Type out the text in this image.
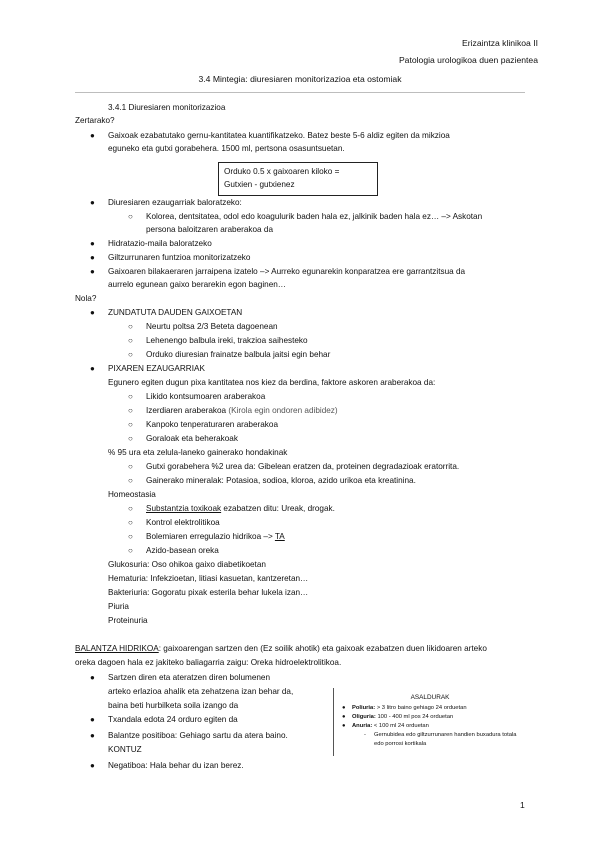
Erizaintza klinikoa II
Patologia urologikoa duen pazientea
3.4 Mintegia: diuresiaren monitorizazioa eta ostomiak
3.4.1 Diuresiaren monitorizazioa
Zertarako?
● Gaixoak ezabatutako gernu-kantitatea kuantifikatzeko. Batez beste 5-6 aldiz egiten da mikzioa
eguneko eta gutxi gorabehera. 1500 ml, pertsona osasuntsuetan.
Orduko 0.5 x gaixoaren kiloko =
Gutxien - gutxienez
● Diuresiaren ezaugarriak baloratzeko:
○ Kolorea, dentsitatea, odol edo koagulurik baden hala ez, jalkinik baden hala ez… –> Askotan
persona baloitzaren araberakoa da
● Hidratazio-maila baloratzeko
● Giltzurrunaren funtzioa monitorizatzeko
● Gaixoaren bilakaeraren jarraipena izatelo –> Aurreko egunarekin konparatzea ere garrantzitsua da
aurrelo egunean gaixo berarekin egon baginen…
Nola?
● ZUNDATUTA DAUDEN GAIXOETAN
○ Neurtu poltsa 2/3 Beteta dagoenean
○ Lehenengo balbula ireki, trakzioa saihesteko
○ Orduko diuresian frainatze balbula jaitsi egin behar
● PIXAREN EZAUGARRIAK
Egunero egiten dugun pixa kantitatea nos kiez da berdina, faktore askoren araberakoa da:
○ Likido kontsumoaren araberakoa
○ Izerdiaren araberakoa (Kirola egin ondoren adibidez)
○ Kanpoko tenperaturaren araberakoa
○ Goraloak eta beherakoak
% 95 ura eta zelula-laneko gainerako hondakinak
○ Gutxi gorabehera %2 urea da: Gibelean eratzen da, proteinen degradazioak eratorrita.
○ Gainerako mineralak: Potasioa, sodioa, kloroa, azido urikoa eta kreatinina.
Homeostasia
○ Substantzia toxikoak ezabatzen ditu: Ureak, drogak.
○ Kontrol elektrolitikoa
○ Bolemiaren erregulazio hidrikoa –> TA
○ Azido-basean oreka
Glukosuria: Oso ohikoa gaixo diabetikoetan
Hematuria: Infekzioetan, litiasi kasuetan, kantzeretan…
Bakteriuria: Gogoratu pixak esterila behar lukela izan…
Piuria
Proteinuria
BALANTZA HIDRIKOA: gaixoarengan sartzen den (Ez soilik ahotik) eta gaixoak ezabatzen duen likidoaren arteko
oreka dagoen hala ez jakiteko baliagarria zaigu: Oreka hidroelektrolitikoa.
● Sartzen diren eta ateratzen diren bolumenen
arteko erlazioa ahalik eta zehatzena izan behar da,
baina beti hurbilketa soila izango da
● Txandala edota 24 orduro egiten da
● Balantze positiboa: Gehiago sartu da atera baino.
KONTUZ
● Negatiboa: Hala behar du izan berez.
ASALDURAK
● Poliuria: > 3 litro baino gehiago 24 orduetan
● Oliguria: 100 - 400 ml pos 24 orduetan
● Anuria: < 100 ml 24 orduetan
- Gernubidea edo giltzurrunaren handien buxadura totala
edo porrosi kortikala
1
